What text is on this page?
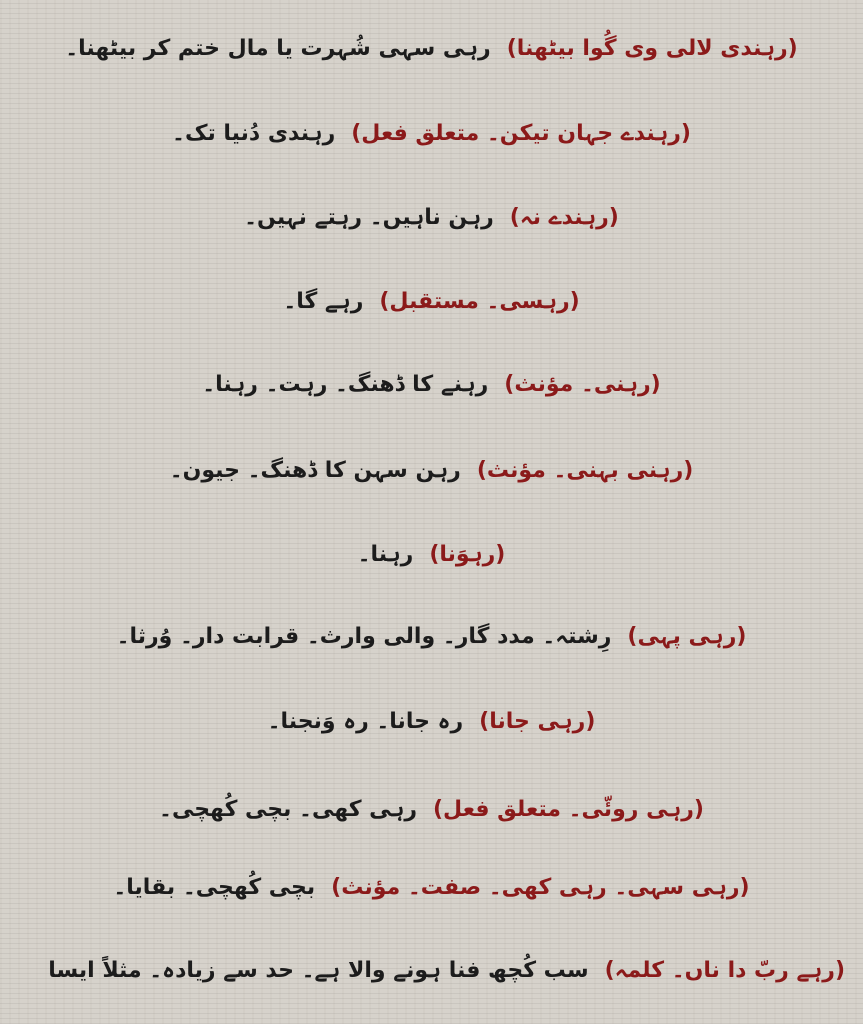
(رہندی لالی وی گُوا بیٹھنا)رہی سہی شُہرت یا مال ختم کر بیٹھنا۔
(رہندے جہان تیکن۔ متعلق فعل)رہندی دُنیا تک۔
(رہندے نہ)رہن ناہیں۔ رہتے نہیں۔
(رہسی۔ مستقبل)رہے گا۔
(رہنی۔ مؤنث)رہنے کا ڈھنگ۔ رہت۔ رہنا۔
(رہنی بہنی۔ مؤنث)رہن سہن کا ڈھنگ۔ جیون۔
(رہوَنا)رہنا۔
(رہی پہی)رِشتہ۔ مدد گار۔ والی وارث۔ قرابت دار۔ وُرثا۔
(رہی جانا)رہ جانا۔ رہ وَنجنا۔
(رہی روئّی۔ متعلق فعل)رہی کھی۔ بچی کُھچی۔
(رہی سہی۔ رہی کھی۔ صفت۔ مؤنث)بچی کُھچی۔ بقایا۔
(رہے ربّ دا ناں۔ کلمہ)سب کُچھ فنا ہونے والا ہے۔ حد سے زیادہ۔ مثلاً ایسا
